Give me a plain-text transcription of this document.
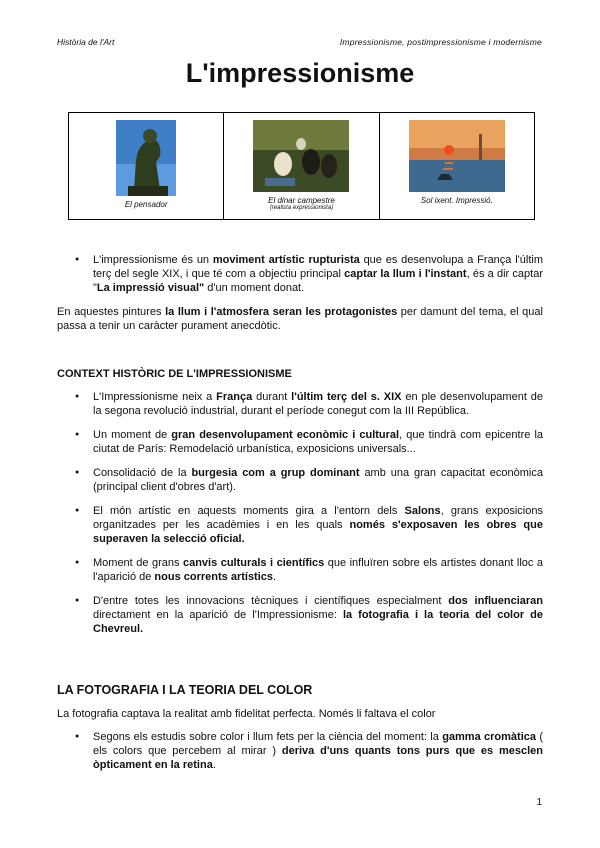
Història de l'Art	Impressionisme, postimpressionisme i modernisme
L'impressionisme
El pensador	El dinar campestre
(realista expressionista)
Sol ixent. Impressió.
● L'impressionisme és un moviment artístic rupturista que es desenvolupa a França l'últim terç del segle XIX, i que té com a objectiu principal captar la llum i l'instant, és a dir captar "La impressió visual" d'un moment donat.

En aquestes pintures la llum i l'atmosfera seran les protagonistes per damunt del tema, el qual passa a tenir un caràcter purament anecdòtic.

CONTEXT HISTÒRIC DE L'IMPRESSIONISME
● L'Impressionisme neix a França durant l'últim terç del s. XIX en ple desenvolupament de la segona revolució industrial, durant el període conegut com la III República.
● Un moment de gran desenvolupament econòmic i cultural, que tindrà com epicentre la ciutat de París: Remodelació urbanística, exposicions universals...
● Consolidació de la burgesia com a grup dominant amb una gran capacitat econòmica (principal client d'obres d'art).
● El món artístic en aquests moments gira a l'entorn dels Salons, grans exposicions organitzades per les acadèmies i en les quals només s'exposaven les obres que superaven la selecció oficial.
● Moment de grans canvis culturals i científics que influïren sobre els artistes donant lloc a l'aparició de nous corrents artístics.
● D'entre totes les innovacions tècniques i científiques especialment dos influenciaran directament en la aparició de l'Impressionisme: la fotografia i la teoria del color de Chevreul.
LA FOTOGRAFIA I LA TEORIA DEL COLOR

La fotografia captava la realitat amb fidelitat perfecta. Només li faltava el color

● Segons els estudis sobre color i llum fets per la ciència del moment: la gamma cromàtica ( els colors que percebem al mirar ) deriva d'uns quants tons purs que es mesclen òpticament en la retina.
1
